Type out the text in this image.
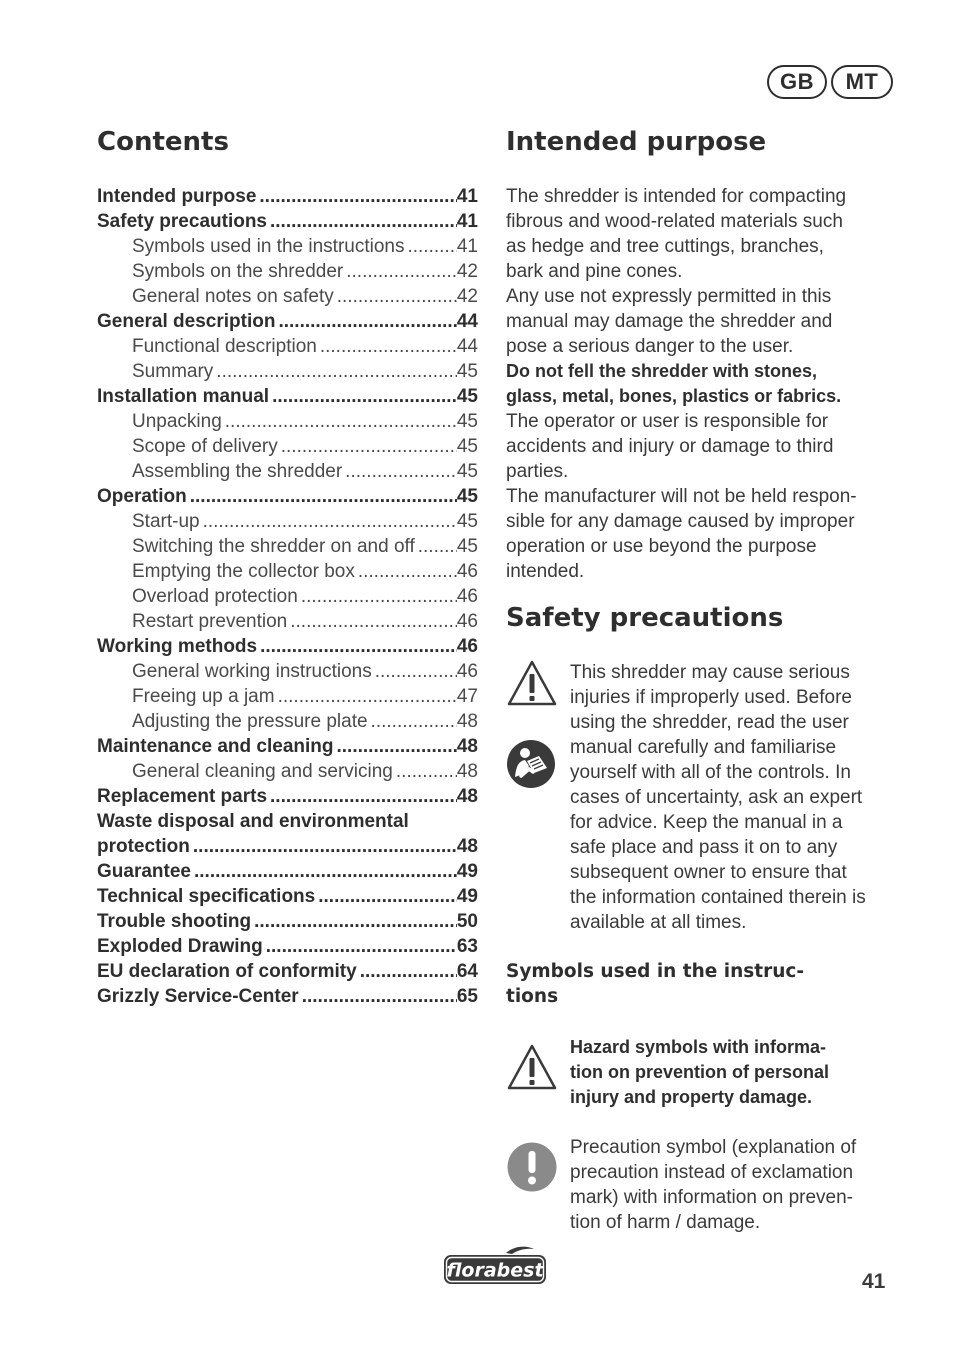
GB	MT
Contents
Intended purpose .....	41
Safety precautions .....	41
Symbols used in the instructions .....	41
Symbols on the shredder .....	42
General notes on safety .....	42
General description .....	44
Functional description .....	44
Summary .....	45
Installation manual .....	45
Unpacking .....	45
Scope of delivery .....	45
Assembling the shredder .....	45
Operation .....	45
Start-up .....	45
Switching the shredder on and off ..... 45
Emptying the collector box .....	46
Overload protection .....	46
Restart prevention .....	46
Working methods .....	46
General working instructions .....	46
Freeing up a jam .....	47
Adjusting the pressure plate .....	48
Maintenance and cleaning .....	48
General cleaning and servicing .....	48
Replacement parts .....	48
Waste disposal and environmental
protection .....	48
Guarantee .....	49
Technical specifications .....	49
Trouble shooting .....	50
Exploded Drawing .....	63
EU declaration of conformity .....	64
Grizzly Service-Center .....	65
Intended purpose
The shredder is intended for compacting
fibrous and wood-related materials such
as hedge and tree cuttings, branches,
bark and pine cones.
Any use not expressly permitted in this
manual may damage the shredder and
pose a serious danger to the user.
Do not fell the shredder with stones,
glass, metal, bones, plastics or fabrics.
The operator or user is responsible for
accidents and injury or damage to third
parties.
The manufacturer will not be held respon-
sible for any damage caused by improper
operation or use beyond the purpose
intended.
Safety precautions
This shredder may cause serious
injuries if improperly used. Before
using the shredder, read the user
manual carefully and familiarise
yourself with all of the controls. In
cases of uncertainty, ask an expert
for advice. Keep the manual in a
safe place and pass it on to any
subsequent owner to ensure that
the information contained therein is
available at all times.
Symbols used in the instruc-
tions
Hazard symbols with informa-
tion on prevention of personal
injury and property damage.
Precaution symbol (explanation of
precaution instead of exclamation
mark) with information on preven-
tion of harm / damage.
florabest	41
